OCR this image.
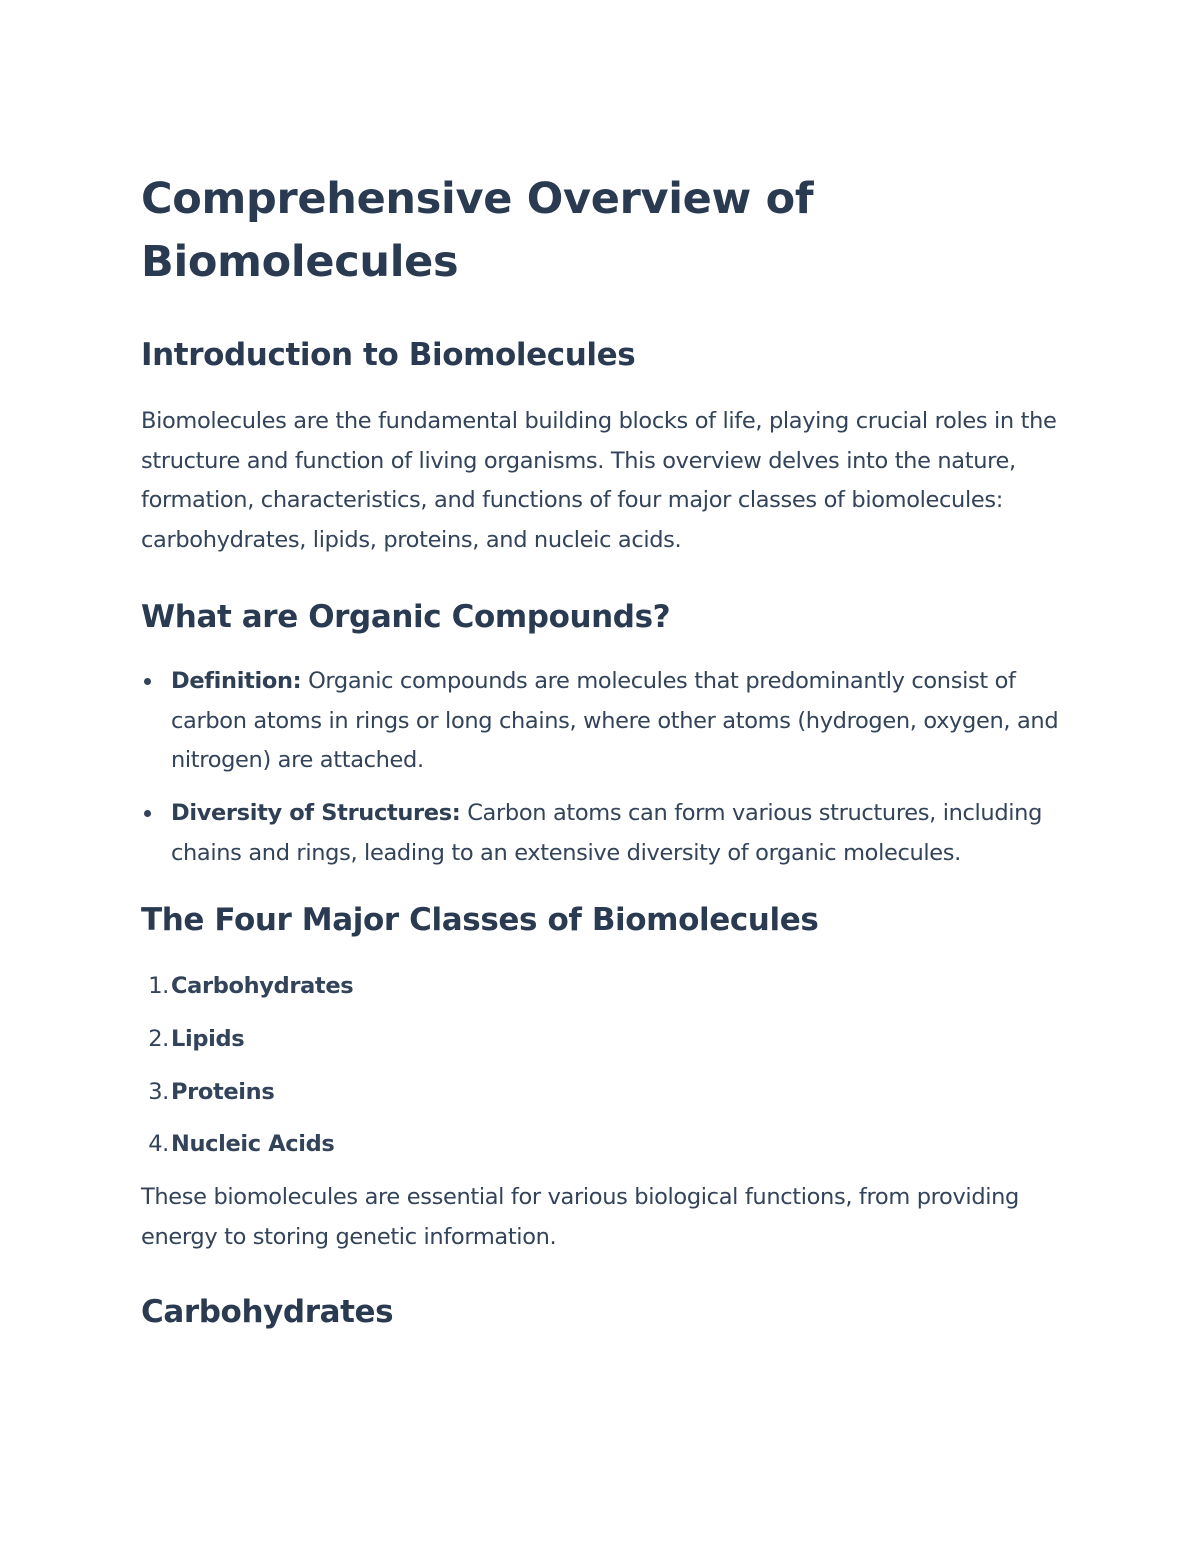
Comprehensive Overview of Biomolecules
Introduction to Biomolecules

Biomolecules are the fundamental building blocks of life, playing crucial roles in the structure and function of living organisms. This overview delves into the nature, formation, characteristics, and functions of four major classes of biomolecules: carbohydrates, lipids, proteins, and nucleic acids.

What are Organic Compounds?
Definition: Organic compounds are molecules that predominantly consist of carbon atoms in rings or long chains, where other atoms (hydrogen, oxygen, and nitrogen) are attached.
Diversity of Structures: Carbon atoms can form various structures, including chains and rings, leading to an extensive diversity of organic molecules.
The Four Major Classes of Biomolecules
1. Carbohydrates
2. Lipids
3. Proteins
4. Nucleic Acids

These biomolecules are essential for various biological functions, from providing energy to storing genetic information.

Carbohydrates
